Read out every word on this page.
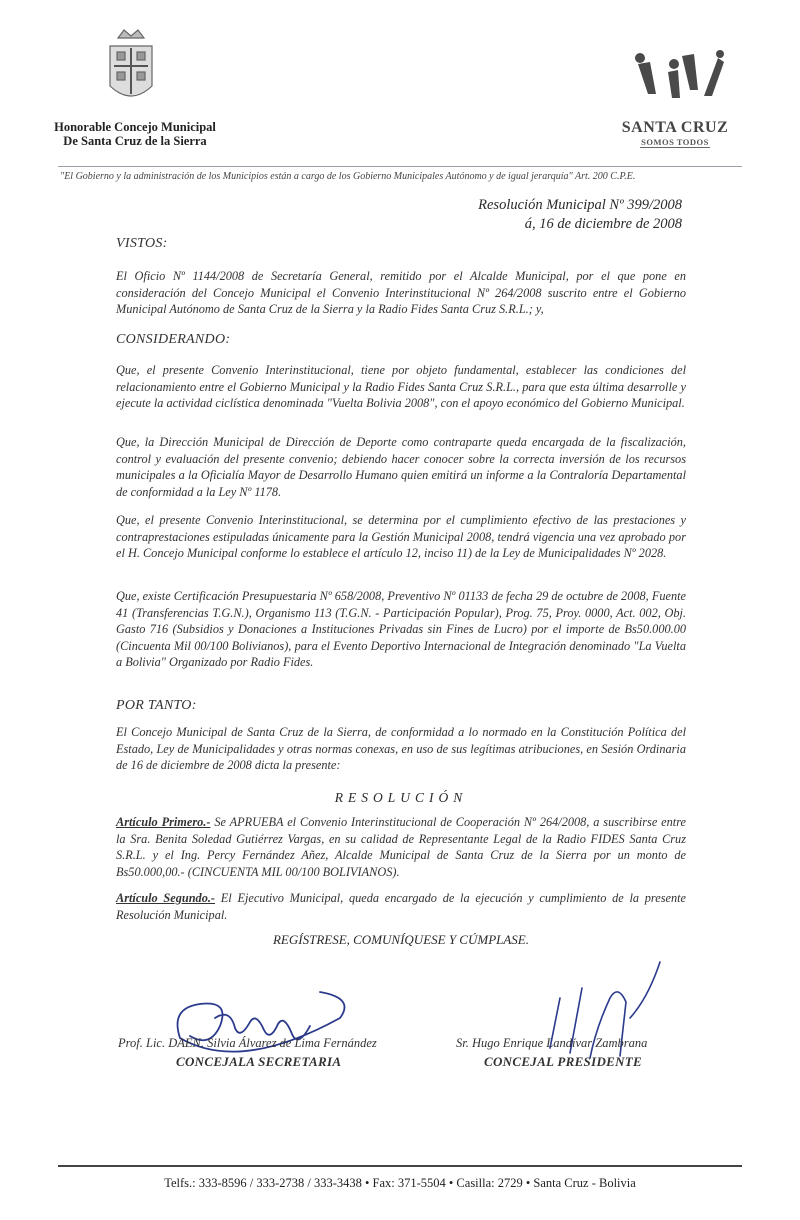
Honorable Concejo Municipal
De Santa Cruz de la Sierra
SANTA CRUZ
SOMOS TODOS
"El Gobierno y la administración de los Municipios están a cargo de los Gobierno Municipales Autónomo y de igual jerarquía" Art. 200 C.P.E.
Resolución Municipal Nº 399/2008
á, 16 de diciembre de 2008
VISTOS:
El Oficio Nº 1144/2008 de Secretaría General, remitido por el Alcalde Municipal, por el que pone en consideración del Concejo Municipal el Convenio Interinstitucional Nº 264/2008 suscrito entre el Gobierno Municipal Autónomo de Santa Cruz de la Sierra y la Radio Fides Santa Cruz S.R.L.; y,
CONSIDERANDO:
Que, el presente Convenio Interinstitucional, tiene por objeto fundamental, establecer las condiciones del relacionamiento entre el Gobierno Municipal y la Radio Fides Santa Cruz S.R.L., para que esta última desarrolle y ejecute la actividad ciclística denominada "Vuelta Bolivia 2008", con el apoyo económico del Gobierno Municipal.
Que, la Dirección Municipal de Dirección de Deporte como contraparte queda encargada de la fiscalización, control y evaluación del presente convenio; debiendo hacer conocer sobre la correcta inversión de los recursos municipales a la Oficialía Mayor de Desarrollo Humano quien emitirá un informe a la Contraloría Departamental de conformidad a la Ley Nº 1178.
Que, el presente Convenio Interinstitucional, se determina por el cumplimiento efectivo de las prestaciones y contraprestaciones estipuladas únicamente para la Gestión Municipal 2008, tendrá vigencia una vez aprobado por el H. Concejo Municipal conforme lo establece el artículo 12, inciso 11) de la Ley de Municipalidades Nº 2028.
Que, existe Certificación Presupuestaria Nº 658/2008, Preventivo Nº 01133 de fecha 29 de octubre de 2008, Fuente 41 (Transferencias T.G.N.), Organismo 113 (T.G.N. - Participación Popular), Prog. 75, Proy. 0000, Act. 002, Obj. Gasto 716 (Subsidios y Donaciones a Instituciones Privadas sin Fines de Lucro) por el importe de Bs50.000.00 (Cincuenta Mil 00/100 Bolivianos), para el Evento Deportivo Internacional de Integración denominado "La Vuelta a Bolivia" Organizado por Radio Fides.
POR TANTO:
El Concejo Municipal de Santa Cruz de la Sierra, de conformidad a lo normado en la Constitución Política del Estado, Ley de Municipalidades y otras normas conexas, en uso de sus legítimas atribuciones, en Sesión Ordinaria de 16 de diciembre de 2008 dicta la presente:
RESOLUCIÓN
Artículo Primero.- Se APRUEBA el Convenio Interinstitucional de Cooperación Nº 264/2008, a suscribirse entre la Sra. Benita Soledad Gutiérrez Vargas, en su calidad de Representante Legal de la Radio FIDES Santa Cruz S.R.L. y el Ing. Percy Fernández Añez, Alcalde Municipal de Santa Cruz de la Sierra por un monto de Bs50.000,00.- (CINCUENTA MIL 00/100 BOLIVIANOS).
Artículo Segundo.- El Ejecutivo Municipal, queda encargado de la ejecución y cumplimiento de la presente Resolución Municipal.
REGÍSTRESE, COMUNÍQUESE Y CÚMPLASE.
Prof. Lic. DAEN. Silvia Álvarez de Lima Fernández
CONCEJALA SECRETARIA
Sr. Hugo Enrique Landívar Zambrana
CONCEJAL PRESIDENTE
Telfs.: 333-8596 / 333-2738 / 333-3438 • Fax: 371-5504 • Casilla: 2729 • Santa Cruz - Bolivia
